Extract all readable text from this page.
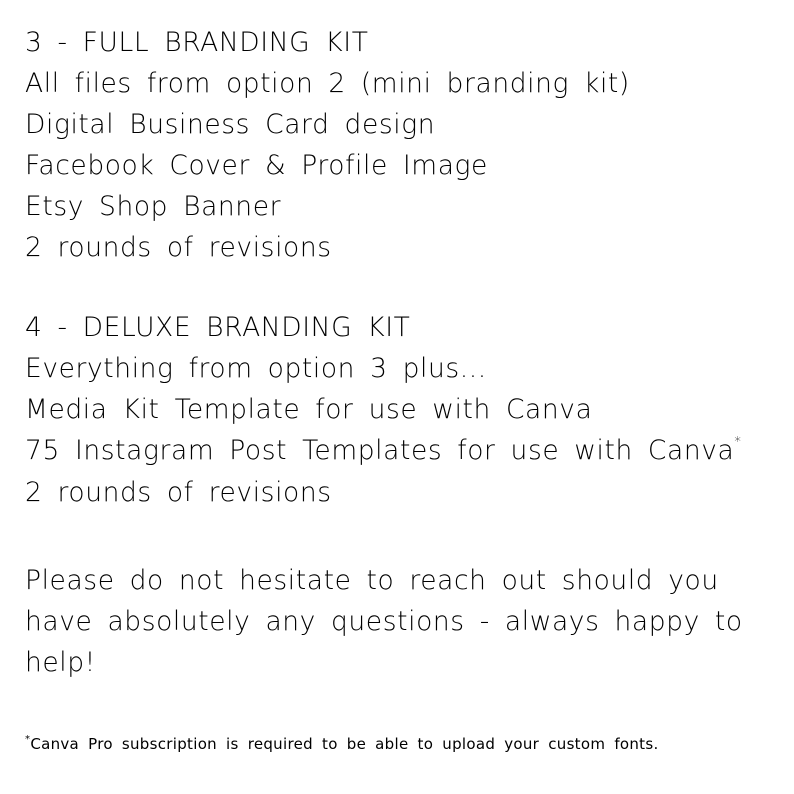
3 - FULL BRANDING KIT
All files from option 2 (mini branding kit)
Digital Business Card design
Facebook Cover & Profile Image
Etsy Shop Banner
2 rounds of revisions
4 - DELUXE BRANDING KIT
Everything from option 3 plus...
Media Kit Template for use with Canva
75 Instagram Post Templates for use with Canva*
2 rounds of revisions
Please do not hesitate to reach out should you
have absolutely any questions - always happy to
help!
*Canva Pro subscription is required to be able to upload your custom fonts.
